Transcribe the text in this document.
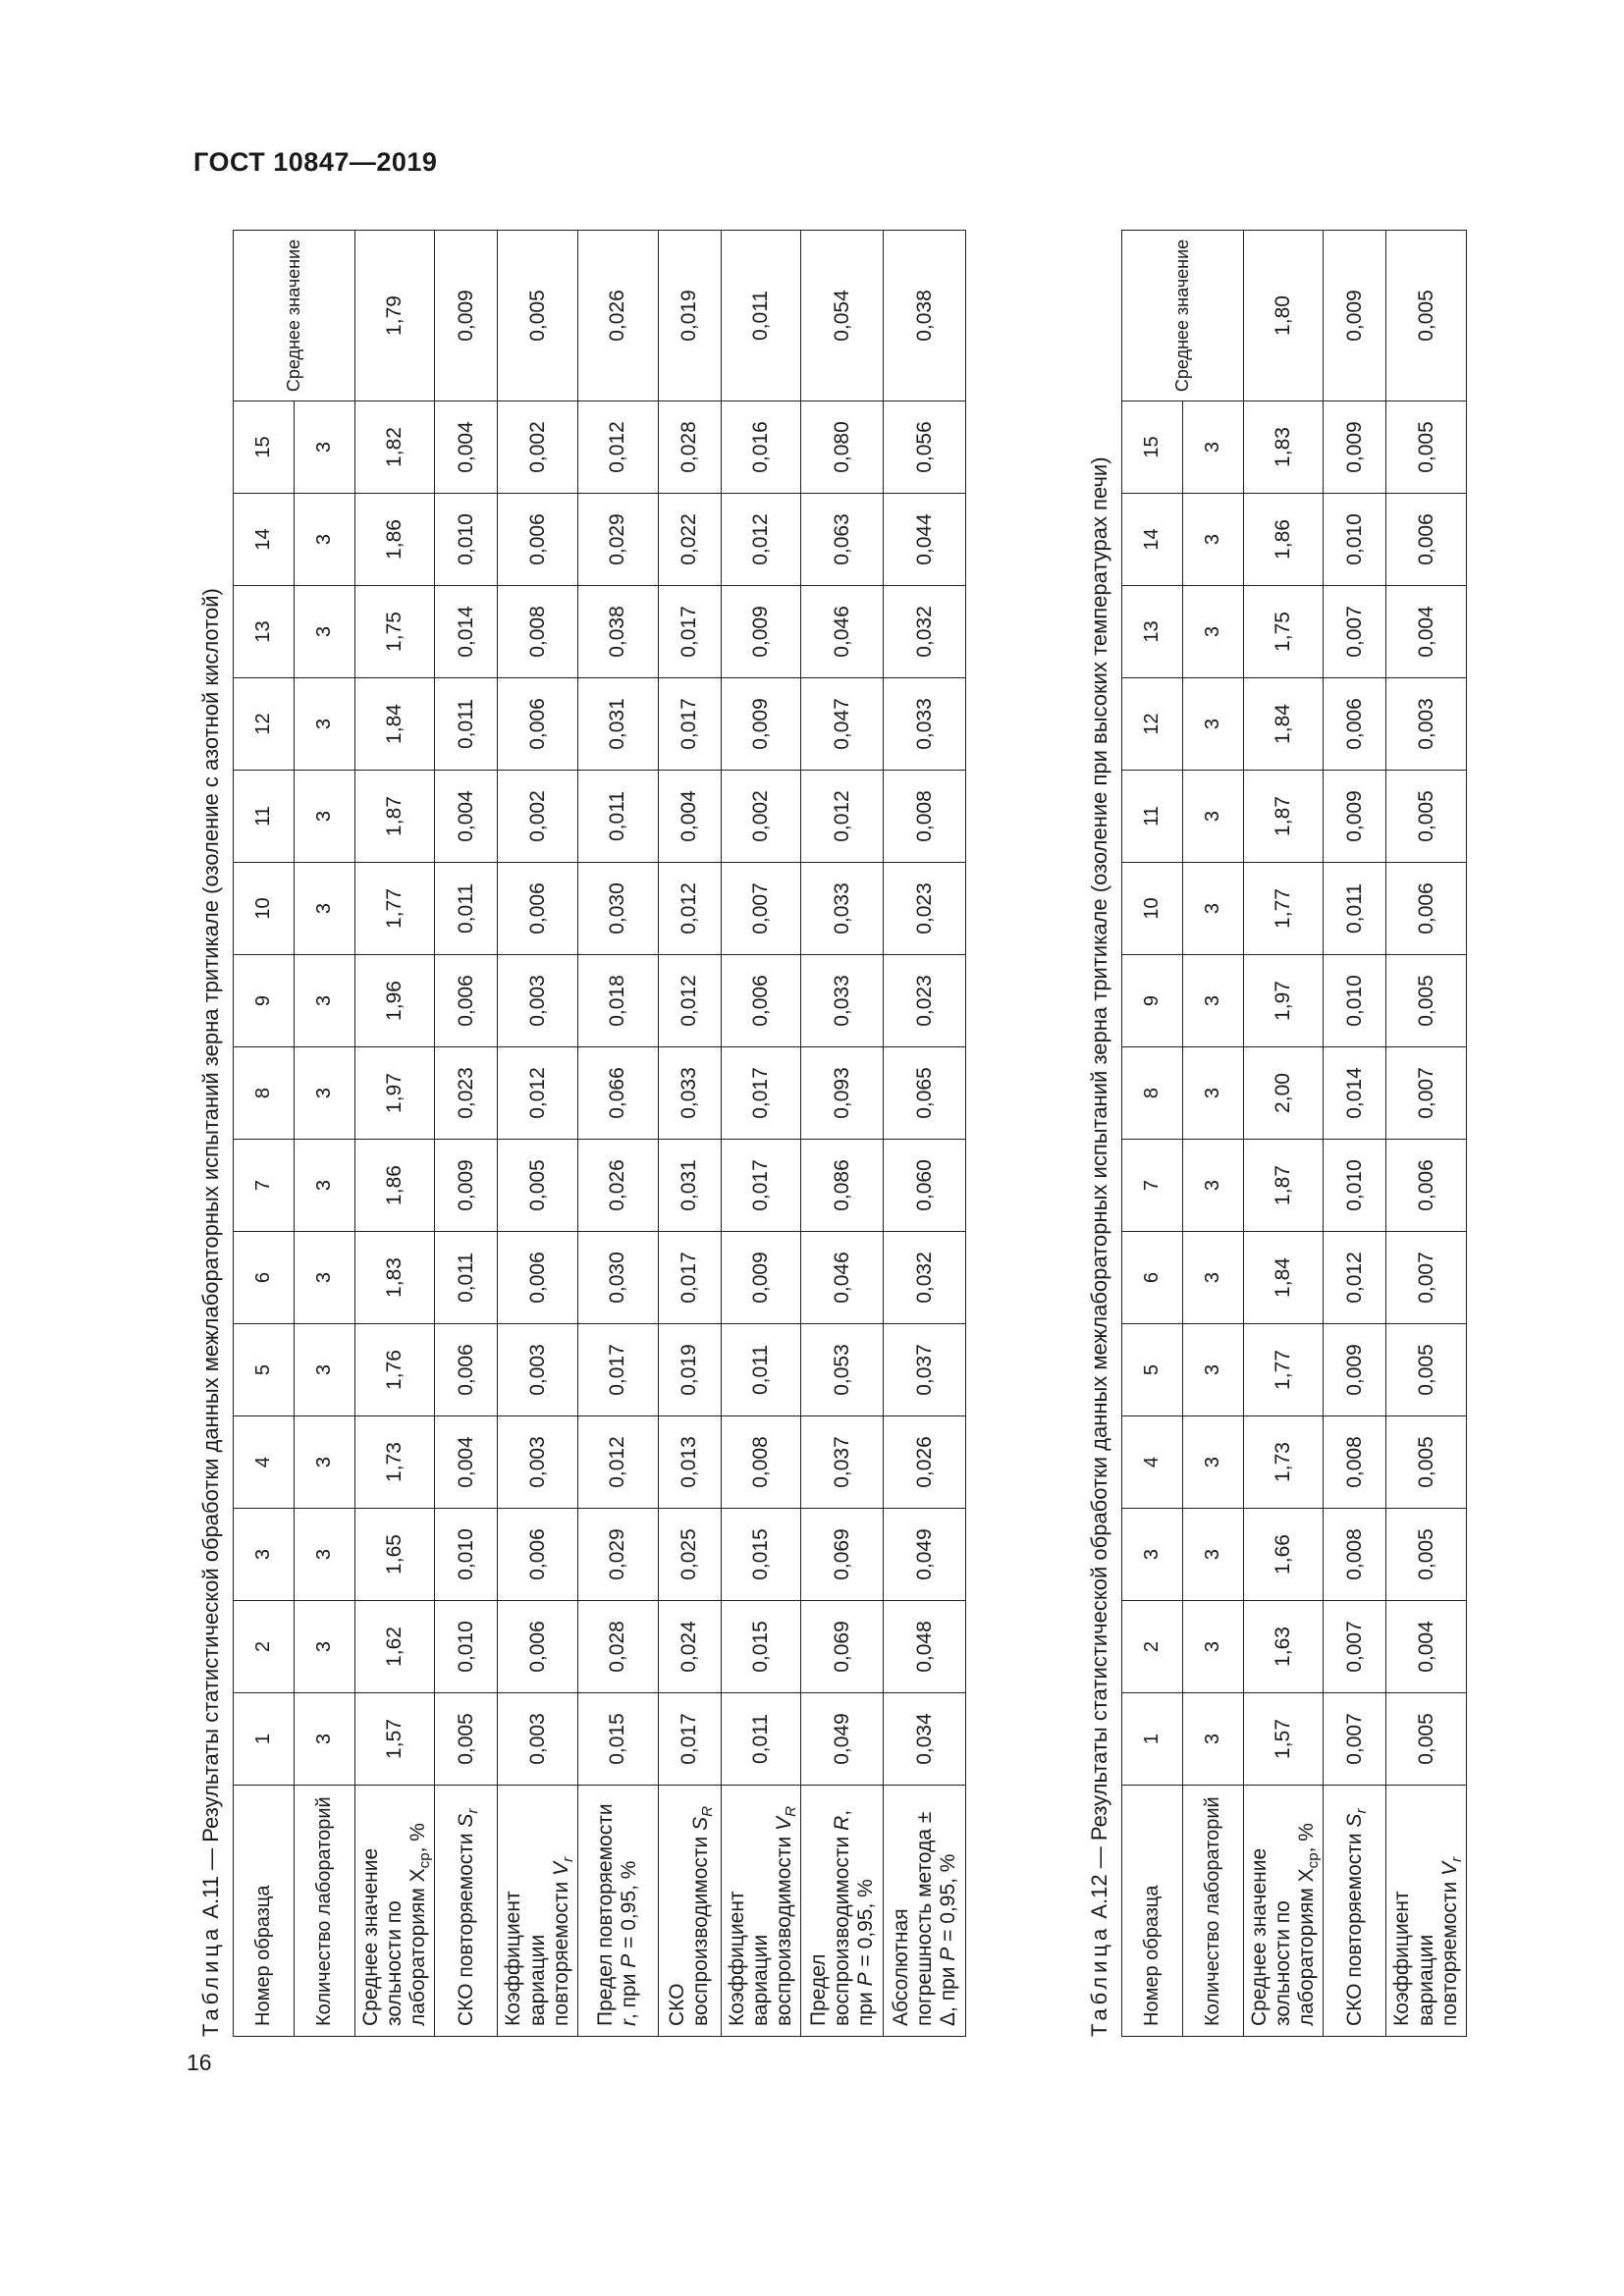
ГОСТ 10847—2019
16
Таблица А.11 — Результаты статистической обработки данных межлабораторных испытаний зерна тритикале (озоление с азотной кислотой)
Номер образца	1	2	3	4	5	6	7	8	9	10	11	12	13	14	15	Среднее значение
Количество лабораторий	3	3	3	3	3	3	3	3	3	3	3	3	3	3	3	
Среднее значение зольности по лабораториям $X_{ср}$, %	1,57	1,62	1,65	1,73	1,76	1,83	1,86	1,97	1,96	1,77	1,87	1,84	1,75	1,86	1,82	1,79
СКО повторяемости $S_r$	0,005	0,010	0,010	0,004	0,006	0,011	0,009	0,023	0,006	0,011	0,004	0,011	0,014	0,010	0,004	0,009
Коэффициент вариации повторяемости $V_r$	0,003	0,006	0,006	0,003	0,003	0,006	0,005	0,012	0,003	0,006	0,002	0,006	0,008	0,006	0,002	0,005
Предел повторяемости r, при P = 0,95, %	0,015	0,028	0,029	0,012	0,017	0,030	0,026	0,066	0,018	0,030	0,011	0,031	0,038	0,029	0,012	0,026
СКО воспроизводимости $S_R$	0,017	0,024	0,025	0,013	0,019	0,017	0,031	0,033	0,012	0,012	0,004	0,017	0,017	0,022	0,028	0,019
Коэффициент вариации воспроизводимости $V_R$	0,011	0,015	0,015	0,008	0,011	0,009	0,017	0,017	0,006	0,007	0,002	0,009	0,009	0,012	0,016	0,011
Предел воспроизводимости R, при P = 0,95, %	0,049	0,069	0,069	0,037	0,053	0,046	0,086	0,093	0,033	0,033	0,012	0,047	0,046	0,063	0,080	0,054
Абсолютная погрешность метода ± Δ, при P = 0,95, %	0,034	0,048	0,049	0,026	0,037	0,032	0,060	0,065	0,023	0,023	0,008	0,033	0,032	0,044	0,056	0,038
Таблица А.12 — Результаты статистической обработки данных межлабораторных испытаний зерна тритикале (озоление при высоких температурах печи)
Номер образца	1	2	3	4	5	6	7	8	9	10	11	12	13	14	15	Среднее значение
Количество лабораторий	3	3	3	3	3	3	3	3	3	3	3	3	3	3	3	
Среднее значение зольности по лабораториям $X_{ср}$, %	1,57	1,63	1,66	1,73	1,77	1,84	1,87	2,00	1,97	1,77	1,87	1,84	1,75	1,86	1,83	1,80
СКО повторяемости $S_r$	0,007	0,007	0,008	0,008	0,009	0,012	0,010	0,014	0,010	0,011	0,009	0,006	0,007	0,010	0,009	0,009
Коэффициент вариации повторяемости $V_r$	0,005	0,004	0,005	0,005	0,005	0,007	0,006	0,007	0,005	0,006	0,005	0,003	0,004	0,006	0,005	0,005
